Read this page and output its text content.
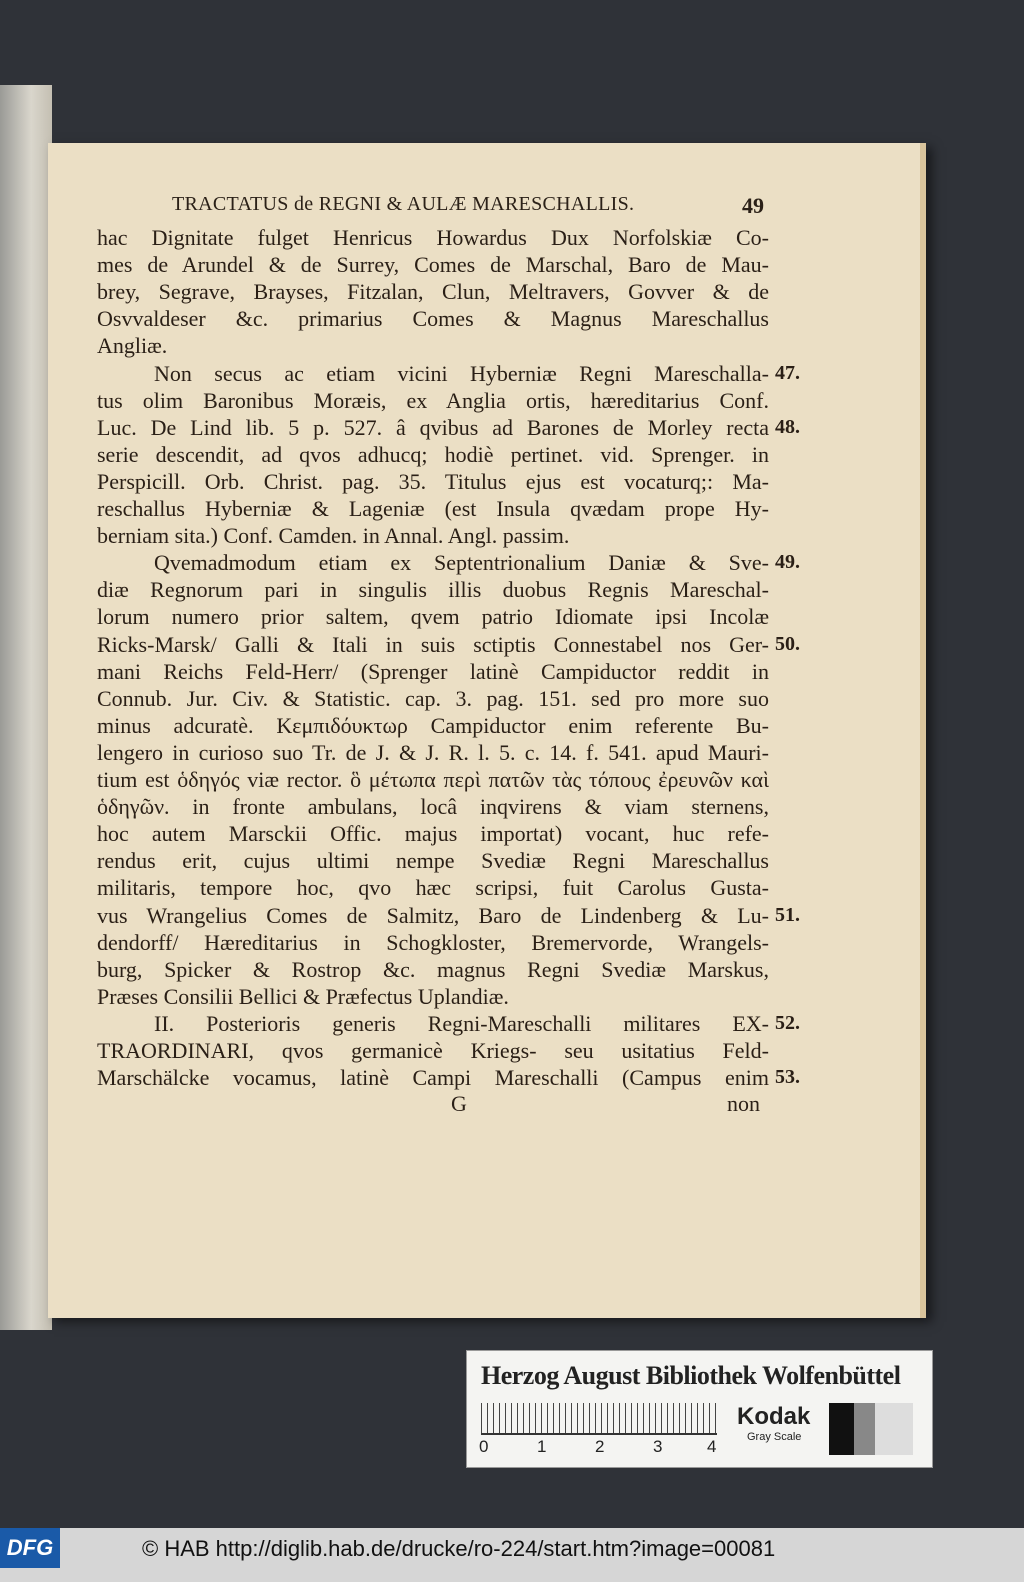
TRACTATUS de REGNI & AULÆ MARESCHALLIS.	49
hac Dignitate fulget Henricus Howardus Dux Norfolskiæ Co-
mes de Arundel & de Surrey, Comes de Marschal, Baro de Mau-
brey, Segrave, Brayses, Fitzalan, Clun, Meltravers, Govver & de
Osvvaldeser &c. primarius Comes & Magnus Mareschallus
Angliæ.
Non secus ac etiam vicini Hyberniæ Regni Mareschalla- 47.
tus olim Baronibus Moræis, ex Anglia ortis, hæreditarius Conf.
Luc. De Lind lib. 5 p. 527. â qvibus ad Barones de Morley recta 48.
serie descendit, ad qvos adhucq; hodiè pertinet. vid. Sprenger. in
Perspicill. Orb. Christ. pag. 35. Titulus ejus est vocaturq;: Ma-
reschallus Hyberniæ & Lageniæ (est Insula qvædam prope Hy-
berniam sita.) Conf. Camden. in Annal. Angl. passim.
Qvemadmodum etiam ex Septentrionalium Daniæ & Sve- 49.
diæ Regnorum pari in singulis illis duobus Regnis Mareschal-
lorum numero prior saltem, qvem patrio Idiomate ipsi Incolæ
Ricks-Marsk/ Galli & Itali in suis sctiptis Connestabel nos Ger- 50.
mani Reichs Feld-Herr/ (Sprenger latinè Campiductor reddit in
Connub. Jur. Civ. & Statistic. cap. 3. pag. 151. sed pro more suo
minus adcuratè. Κεμπιδόυκτωρ Campiductor enim referente Bu-
lengero in curioso suo Tr. de J. & J. R. l. 5. c. 14. f. 541. apud Mauri-
tium est ὁδηγός viæ rector. ὃ μέτωπα περὶ πατῶν τὰς τόπους ἐρευνῶν καὶ
ὁδηγῶν. in fronte ambulans, locâ inqvirens & viam sternens,
hoc autem Marsckii Offic. majus importat) vocant, huc refe-
rendus erit, cujus ultimi nempe Svediæ Regni Mareschallus
militaris, tempore hoc, qvo hæc scripsi, fuit Carolus Gusta-
vus Wrangelius Comes de Salmitz, Baro de Lindenberg & Lu- 51.
dendorff/ Hæreditarius in Schogkloster, Bremervorde, Wrangels-
burg, Spicker & Rostrop &c. magnus Regni Svediæ Marskus,
Præses Consilii Bellici & Præfectus Uplandiæ.
II. Posterioris generis Regni-Mareschalli militares EX- 52.
TRAORDINARI, qvos germanicè Kriegs- seu usitatius Feld-
Marschälcke vocamus, latinè Campi Mareschalli (Campus enim 53.
G	non
Herzog August Bibliothek Wolfenbüttel
0	1	2	3	4
Kodak
Gray Scale
DFG	© HAB http://diglib.hab.de/drucke/ro-224/start.htm?image=00081
